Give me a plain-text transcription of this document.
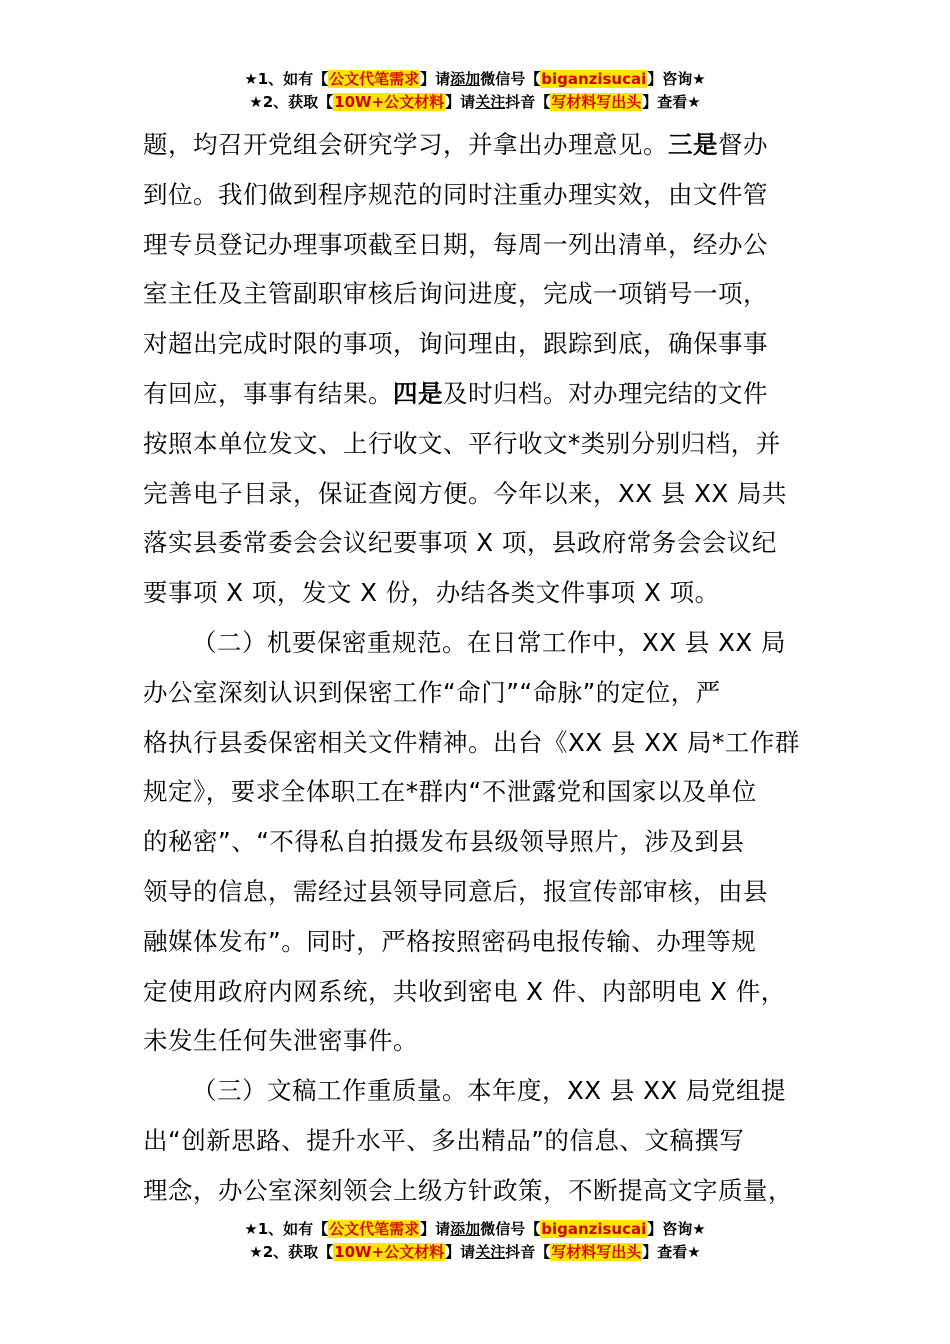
★1、如有【公文代笔需求】请添加微信号【biganzisucai】咨询★
★2、获取【10W+公文材料】请关注抖音【写材料写出头】查看★
题，均召开党组会研究学习，并拿出办理意见。三是督办
到位。我们做到程序规范的同时注重办理实效，由文件管
理专员登记办理事项截至日期，每周一列出清单，经办公
室主任及主管副职审核后询问进度，完成一项销号一项，
对超出完成时限的事项，询问理由，跟踪到底，确保事事
有回应，事事有结果。四是及时归档。对办理完结的文件
按照本单位发文、上行收文、平行收文*类别分别归档，并
完善电子目录，保证查阅方便。今年以来，XX 县 XX 局共
落实县委常委会会议纪要事项 X 项，县政府常务会会议纪
要事项 X 项，发文 X 份，办结各类文件事项 X 项。
（二）机要保密重规范。在日常工作中，XX 县 XX 局
办公室深刻认识到保密工作“命门”“命脉”的定位，严
格执行县委保密相关文件精神。出台《XX 县 XX 局*工作群
规定》，要求全体职工在*群内“不泄露党和国家以及单位
的秘密”、“不得私自拍摄发布县级领导照片，涉及到县
领导的信息，需经过县领导同意后，报宣传部审核，由县
融媒体发布”。同时，严格按照密码电报传输、办理等规
定使用政府内网系统，共收到密电 X 件、内部明电 X 件，
未发生任何失泄密事件。
（三）文稿工作重质量。本年度，XX 县 XX 局党组提
出“创新思路、提升水平、多出精品”的信息、文稿撰写
理念，办公室深刻领会上级方针政策，不断提高文字质量，
★1、如有【公文代笔需求】请添加微信号【biganzisucai】咨询★
★2、获取【10W+公文材料】请关注抖音【写材料写出头】查看★
